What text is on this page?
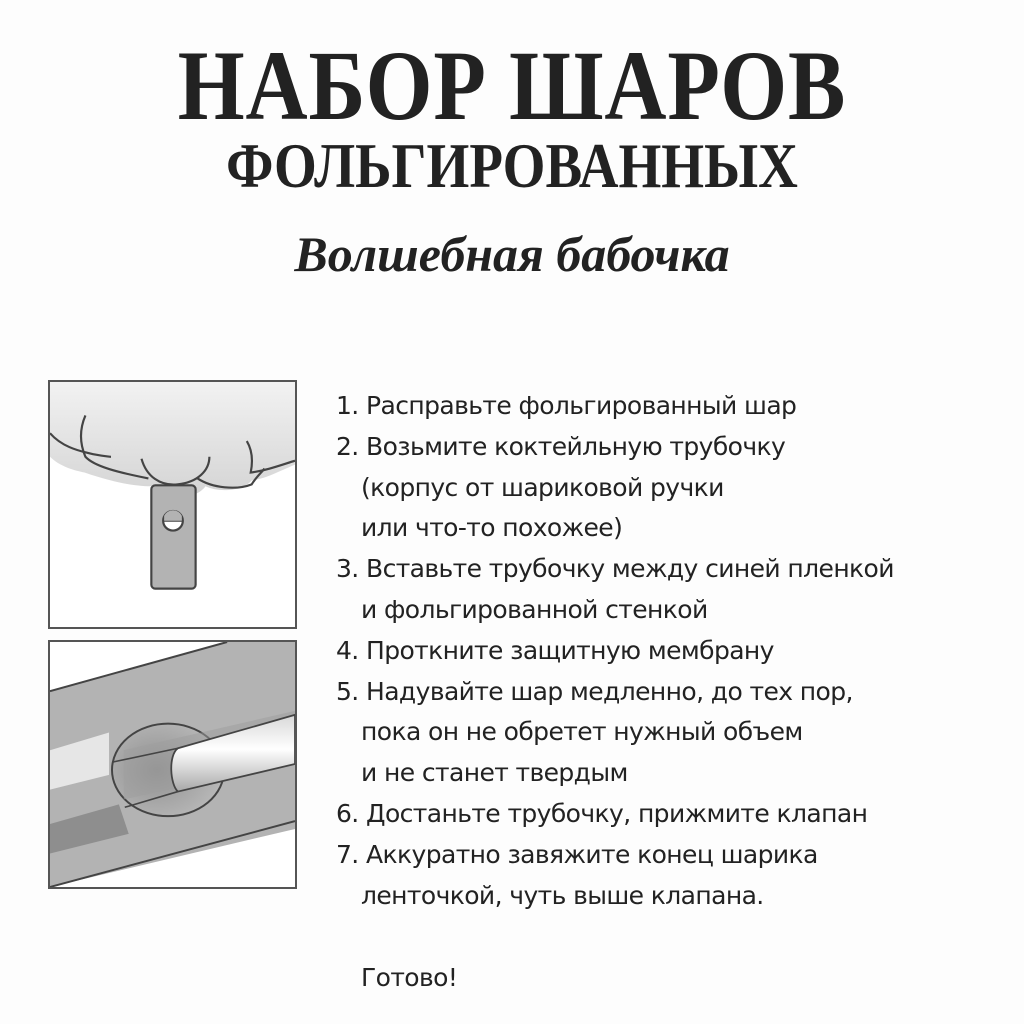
НАБОР ШАРОВ
ФОЛЬГИРОВАННЫХ
Волшебная бабочка
1. Расправьте фольгированный шар
2. Возьмите коктейльную трубочку
(корпус от шариковой ручки
или что-то похожее)
3. Вставьте трубочку между синей пленкой
и фольгированной стенкой
4. Проткните защитную мембрану
5. Надувайте шар медленно, до тех пор,
пока он не обретет нужный объем
и не станет твердым
6. Достаньте трубочку, прижмите клапан
7. Аккуратно завяжите конец шарика
ленточкой, чуть выше клапана.
Готово!
